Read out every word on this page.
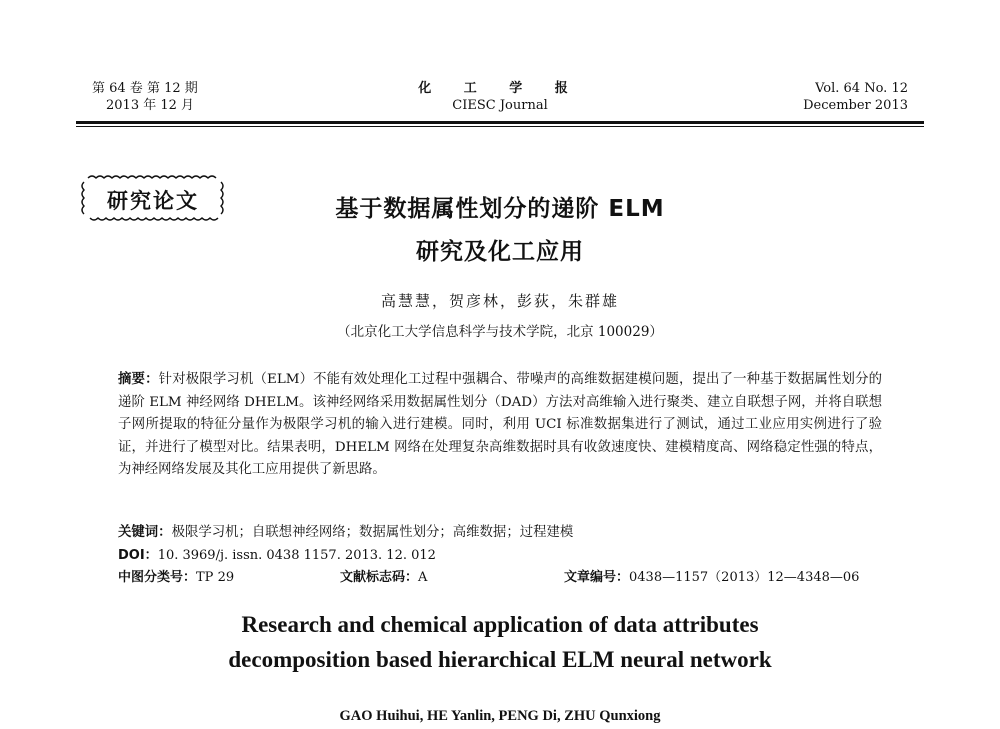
第 64 卷 第 12 期
2013 年 12 月
化 工 学 报
CIESC Journal
Vol. 64 No. 12
December 2013
研究论文	基于数据属性划分的递阶 ELM
研究及化工应用
高慧慧，贺彦林，彭荻，朱群雄
（北京化工大学信息科学与技术学院，北京 100029）
摘要：针对极限学习机（ELM）不能有效处理化工过程中强耦合、带噪声的高维数据建模问题，提出了一种基于数据属性划分的递阶 ELM 神经网络 DHELM。该神经网络采用数据属性划分（DAD）方法对高维输入进行聚类、建立自联想子网，并将自联想子网所提取的特征分量作为极限学习机的输入进行建模。同时，利用 UCI 标准数据集进行了测试，通过工业应用实例进行了验证，并进行了模型对比。结果表明，DHELM 网络在处理复杂高维数据时具有收敛速度快、建模精度高、网络稳定性强的特点，为神经网络发展及其化工应用提供了新思路。
关键词：极限学习机；自联想神经网络；数据属性划分；高维数据；过程建模
DOI：10. 3969/j. issn. 0438 1157. 2013. 12. 012
中图分类号：TP 29	文献标志码：A	文章编号：0438—1157（2013）12—4348—06
Research and chemical application of data attributes
decomposition based hierarchical ELM neural network
GAO Huihui, HE Yanlin, PENG Di, ZHU Qunxiong
